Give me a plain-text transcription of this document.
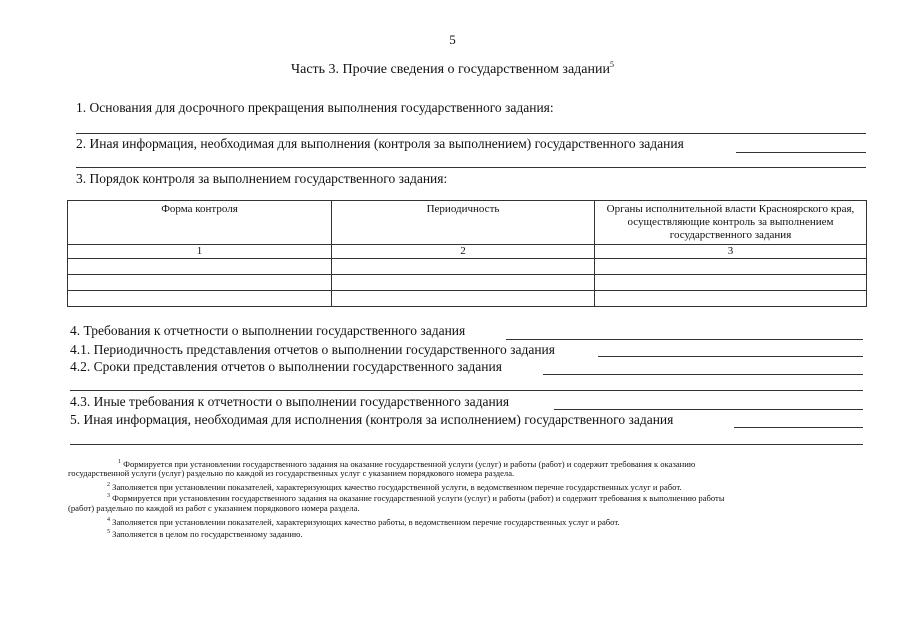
5
Часть 3. Прочие сведения о государственном задании$^5$
1. Основания для досрочного прекращения выполнения государственного задания:
2. Иная информация, необходимая для выполнения (контроля за выполнением) государственного задания
3. Порядок контроля за выполнением государственного задания:
Форма контроля	Периодичность	Органы исполнительной власти Красноярского края, осуществляющие контроль за выполнением государственного задания

1	2	3

4. Требования к отчетности о выполнении государственного задания
4.1. Периодичность представления отчетов о выполнении государственного задания
4.2. Сроки представления отчетов о выполнении государственного задания
4.3. Иные требования к отчетности о выполнении государственного задания
5. Иная информация, необходимая для исполнения (контроля за исполнением) государственного задания
$^1$ Формируется при установлении государственного задания на оказание государственной услуги (услуг) и работы (работ) и содержит требования к оказанию
государственной услуги (услуг) раздельно по каждой из государственных услуг с указанием порядкового номера раздела.
$^2$ Заполняется при установлении показателей, характеризующих качество государственной услуги, в ведомственном перечне государственных услуг и работ.
$^3$ Формируется при установлении государственного задания на оказание государственной услуги (услуг) и работы (работ) и содержит требования к выполнению работы
(работ) раздельно по каждой из работ с указанием порядкового номера раздела.
$^4$ Заполняется при установлении показателей, характеризующих качество работы, в ведомственном перечне государственных услуг и работ.
$^5$ Заполняется в целом по государственному заданию.
